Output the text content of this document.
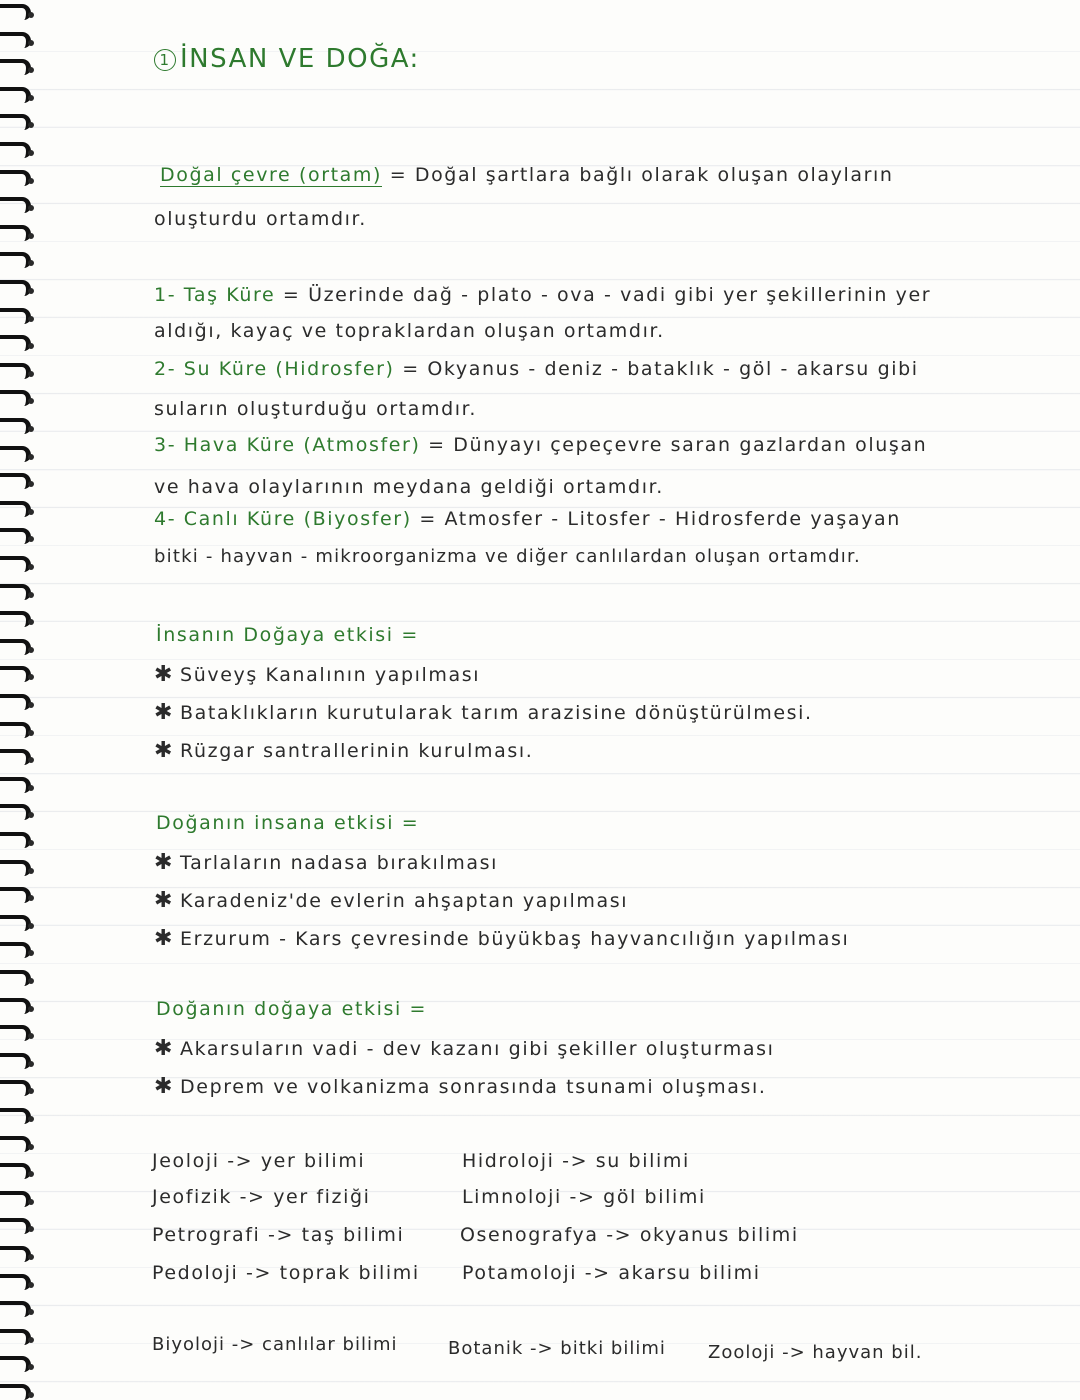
1 İNSAN VE DOĞA:
Doğal çevre (ortam) = Doğal şartlara bağlı olarak oluşan olayların
oluşturdu ortamdır.
1- Taş Küre = Üzerinde dağ - plato - ova - vadi gibi yer şekillerinin yer
aldığı, kayaç ve topraklardan oluşan ortamdır.
2- Su Küre (Hidrosfer) = Okyanus - deniz - bataklık - göl - akarsu gibi
suların oluşturduğu ortamdır.
3- Hava Küre (Atmosfer) = Dünyayı çepeçevre saran gazlardan oluşan
ve hava olaylarının meydana geldiği ortamdır.
4- Canlı Küre (Biyosfer) = Atmosfer - Litosfer - Hidrosferde yaşayan
bitki - hayvan - mikroorganizma ve diğer canlılardan oluşan ortamdır.
İnsanın Doğaya etkisi =
✱ Süveyş Kanalının yapılması
✱ Bataklıkların kurutularak tarım arazisine dönüştürülmesi.
✱ Rüzgar santrallerinin kurulması.
Doğanın insana etkisi =
✱ Tarlaların nadasa bırakılması
✱ Karadeniz'de evlerin ahşaptan yapılması
✱ Erzurum - Kars çevresinde büyükbaş hayvancılığın yapılması
Doğanın doğaya etkisi =
✱ Akarsuların vadi - dev kazanı gibi şekiller oluşturması
✱ Deprem ve volkanizma sonrasında tsunami oluşması.
Jeoloji -> yer bilimi
Jeofizik -> yer fiziği
Petrografi -> taş bilimi
Pedoloji -> toprak bilimi
Hidroloji -> su bilimi
Limnoloji -> göl bilimi
Osenografya -> okyanus bilimi
Potamoloji -> akarsu bilimi
Biyoloji -> canlılar bilimi	Botanik -> bitki bilimi Zooloji -> hayvan bil.
